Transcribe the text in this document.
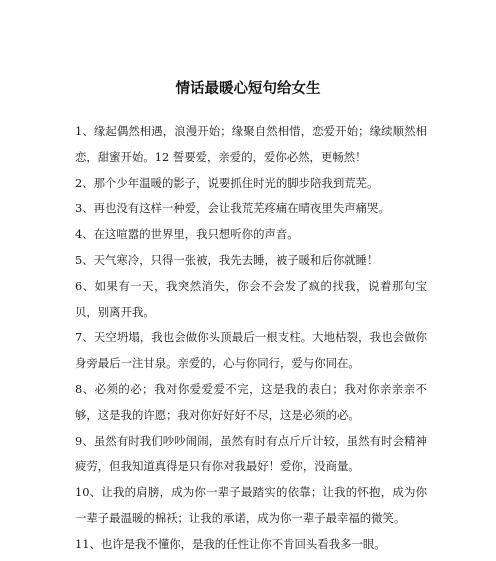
情话最暖心短句给女生

1、缘起偶然相遇，浪漫开始；缘聚自然相惜，恋爱开始；缘续顺然相恋，甜蜜开始。12 誓要爱，亲爱的，爱你必然，更畅然！

2、那个少年温暖的影子，说要抓住时光的脚步陪我到荒芜。

3、再也没有这样一种爱，会让我荒芜疼痛在晴夜里失声痛哭。

4、在这喧嚣的世界里，我只想听你的声音。

5、天气寒冷，只得一张被，我先去睡，被子暖和后你就睡！

6、如果有一天，我突然消失，你会不会发了疯的找我，说着那句宝贝，别离开我。

7、天空坍塌，我也会做你头顶最后一根支柱。大地枯裂，我也会做你身旁最后一注甘泉。亲爱的，心与你同行，爱与你同在。

8、必须的必；我对你爱爱爱不完，这是我的表白；我对你亲亲亲不够，这是我的许愿；我对你好好好不尽，这是必须的必。

9、虽然有时我们吵吵闹闹，虽然有时有点斤斤计较，虽然有时会精神疲劳，但我知道真得是只有你对我最好！爱你，没商量。

10、让我的肩膀，成为你一辈子最踏实的依靠；让我的怀抱，成为你一辈子最温暖的棉袄；让我的承诺，成为你一辈子最幸福的微笑。

11、也许是我不懂你，是我的任性让你不肯回头看我多一眼。
